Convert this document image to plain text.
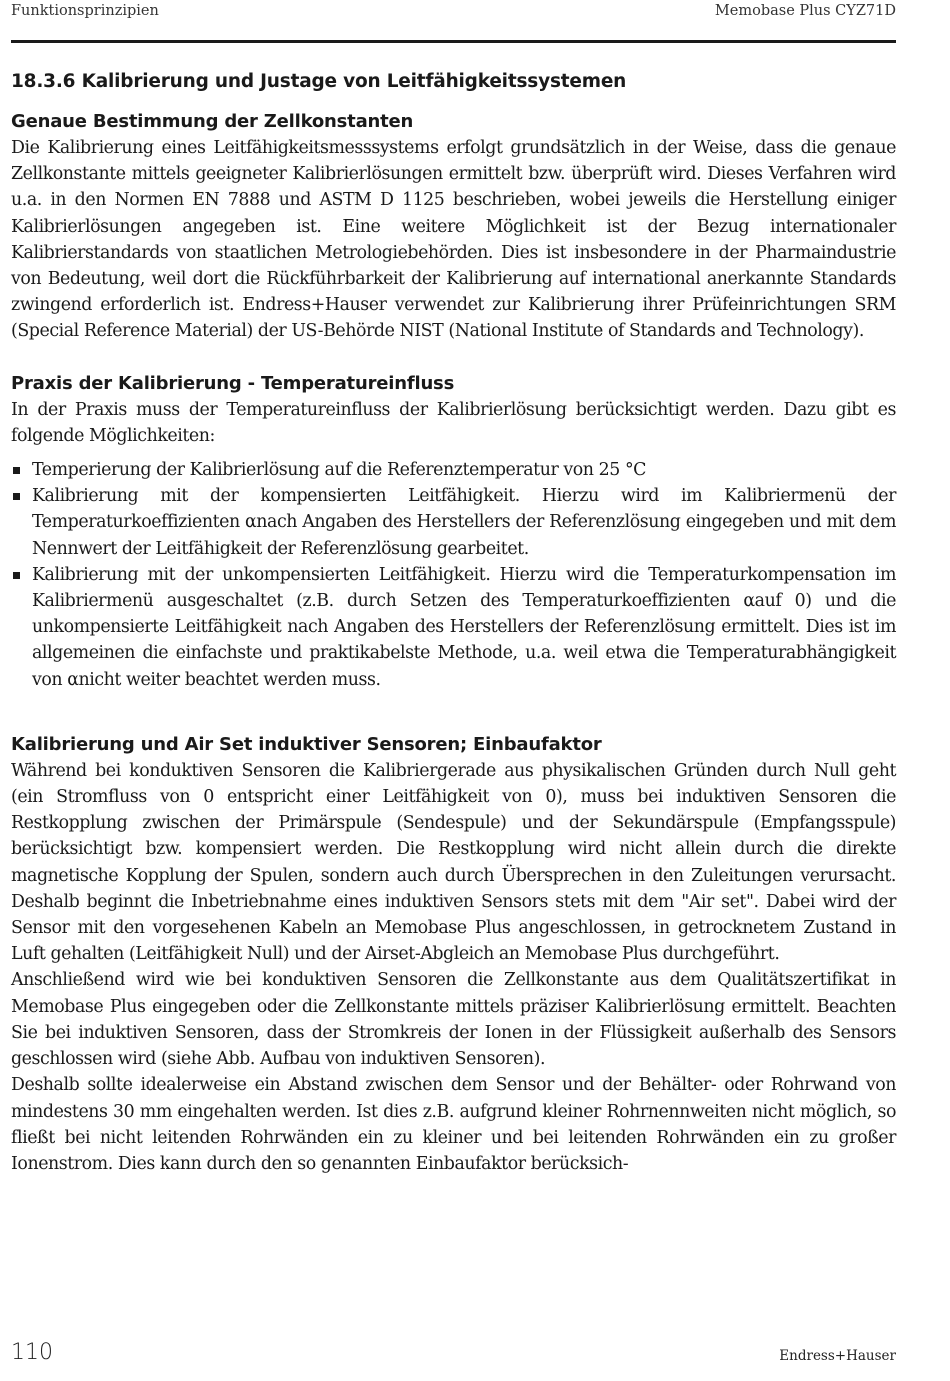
Funktionsprinzipien	Memobase Plus CYZ71D
18.3.6 Kalibrierung und Justage von Leitfähigkeitssystemen
Genaue Bestimmung der Zellkonstanten

Die Kalibrierung eines Leitfähigkeitsmesssystems erfolgt grundsätzlich in der Weise, dass die genaue Zellkonstante mittels geeigneter Kalibrierlösungen ermittelt bzw. überprüft wird. Dieses Verfahren wird u.a. in den Normen EN 7888 und ASTM D 1125 beschrieben, wobei jeweils die Herstellung einiger Kalibrierlösungen angegeben ist. Eine weitere Möglichkeit ist der Bezug internationaler Kalibrierstandards von staatlichen Metrologiebehörden. Dies ist insbesondere in der Pharmaindustrie von Bedeutung, weil dort die Rückführbarkeit der Kalibrierung auf international anerkannte Standards zwingend erforderlich ist. Endress+Hauser verwendet zur Kalibrierung ihrer Prüfeinrichtungen SRM (Special Reference Material) der US-Behörde NIST (National Institute of Standards and Technology).

Praxis der Kalibrierung - Temperatureinfluss

In der Praxis muss der Temperatureinfluss der Kalibrierlösung berücksichtigt werden. Dazu gibt es folgende Möglichkeiten:

Temperierung der Kalibrierlösung auf die Referenztemperatur von 25 °C
Kalibrierung mit der kompensierten Leitfähigkeit. Hierzu wird im Kalibriermenü der Temperaturkoeffizienten αnach Angaben des Herstellers der Referenzlösung eingegeben und mit dem Nennwert der Leitfähigkeit der Referenzlösung gearbeitet.
Kalibrierung mit der unkompensierten Leitfähigkeit. Hierzu wird die Temperaturkompensation im Kalibriermenü ausgeschaltet (z.B. durch Setzen des Temperaturkoeffizienten αauf 0) und die unkompensierte Leitfähigkeit nach Angaben des Herstellers der Referenzlösung ermittelt. Dies ist im allgemeinen die einfachste und praktikabelste Methode, u.a. weil etwa die Temperaturabhängigkeit von αnicht weiter beachtet werden muss.
Kalibrierung und Air Set induktiver Sensoren; Einbaufaktor

Während bei konduktiven Sensoren die Kalibriergerade aus physikalischen Gründen durch Null geht (ein Stromfluss von 0 entspricht einer Leitfähigkeit von 0), muss bei induktiven Sensoren die Restkopplung zwischen der Primärspule (Sendespule) und der Sekundärspule (Empfangsspule) berücksichtigt bzw. kompensiert werden. Die Restkopplung wird nicht allein durch die direkte magnetische Kopplung der Spulen, sondern auch durch Übersprechen in den Zuleitungen verursacht. Deshalb beginnt die Inbetriebnahme eines induktiven Sensors stets mit dem "Air set". Dabei wird der Sensor mit den vorgesehenen Kabeln an Memobase Plus angeschlossen, in getrocknetem Zustand in Luft gehalten (Leitfähigkeit Null) und der Airset-Abgleich an Memobase Plus durchgeführt.

Anschließend wird wie bei konduktiven Sensoren die Zellkonstante aus dem Qualitätszertifikat in Memobase Plus eingegeben oder die Zellkonstante mittels präziser Kalibrierlösung ermittelt. Beachten Sie bei induktiven Sensoren, dass der Stromkreis der Ionen in der Flüssigkeit außerhalb des Sensors geschlossen wird (siehe Abb. Aufbau von induktiven Sensoren).

Deshalb sollte idealerweise ein Abstand zwischen dem Sensor und der Behälter- oder Rohrwand von mindestens 30 mm eingehalten werden. Ist dies z.B. aufgrund kleiner Rohrnennweiten nicht möglich, so fließt bei nicht leitenden Rohrwänden ein zu kleiner und bei leitenden Rohrwänden ein zu großer Ionenstrom. Dies kann durch den so genannten Einbaufaktor berücksich-

110	Endress+Hauser
